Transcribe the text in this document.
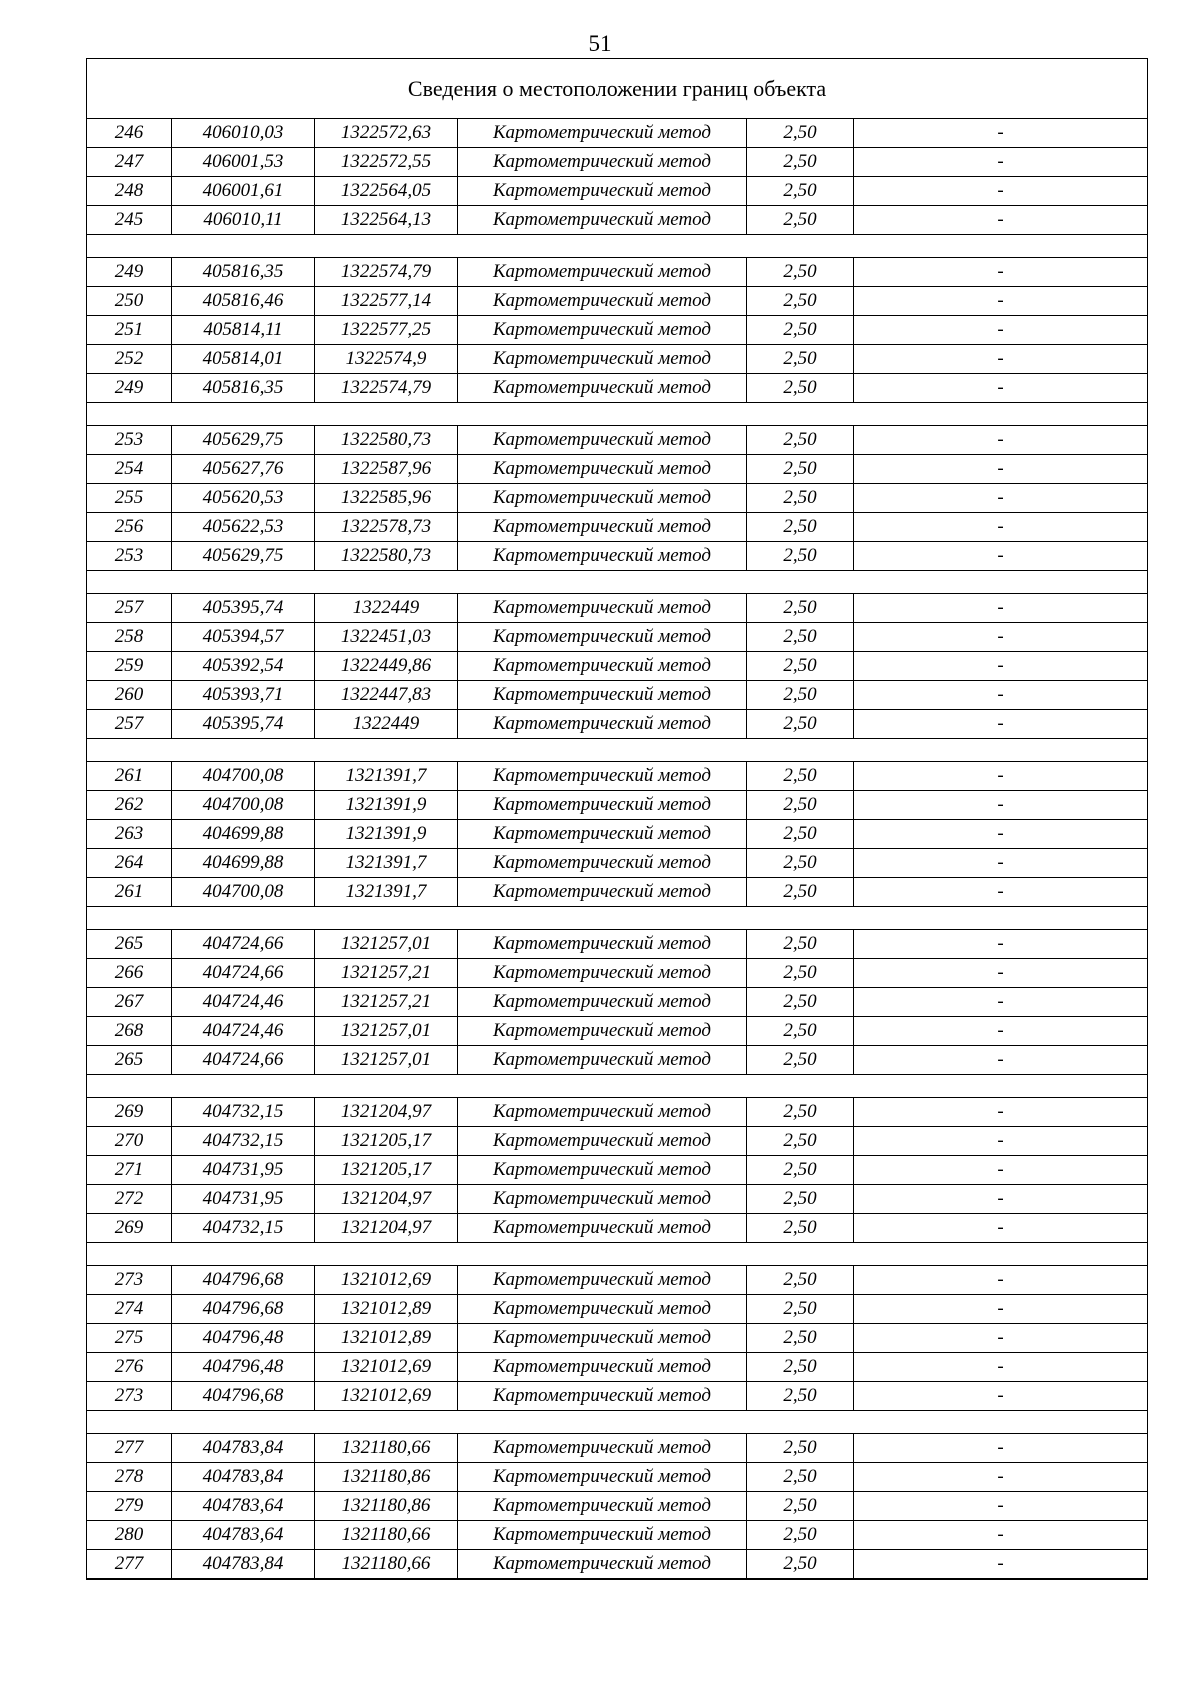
51
Сведения о местоположении границ объекта					
246	406010,03	1322572,63	Картометрический метод	2,50	-
247	406001,53	1322572,55	Картометрический метод	2,50	-
248	406001,61	1322564,05	Картометрический метод	2,50	-
245	406010,11	1322564,13	Картометрический метод	2,50	-

249	405816,35	1322574,79	Картометрический метод	2,50	-
250	405816,46	1322577,14	Картометрический метод	2,50	-
251	405814,11	1322577,25	Картометрический метод	2,50	-
252	405814,01	1322574,9	Картометрический метод	2,50	-
249	405816,35	1322574,79	Картометрический метод	2,50	-

253	405629,75	1322580,73	Картометрический метод	2,50	-
254	405627,76	1322587,96	Картометрический метод	2,50	-
255	405620,53	1322585,96	Картометрический метод	2,50	-
256	405622,53	1322578,73	Картометрический метод	2,50	-
253	405629,75	1322580,73	Картометрический метод	2,50	-

257	405395,74	1322449	Картометрический метод	2,50	-
258	405394,57	1322451,03	Картометрический метод	2,50	-
259	405392,54	1322449,86	Картометрический метод	2,50	-
260	405393,71	1322447,83	Картометрический метод	2,50	-
257	405395,74	1322449	Картометрический метод	2,50	-

261	404700,08	1321391,7	Картометрический метод	2,50	-
262	404700,08	1321391,9	Картометрический метод	2,50	-
263	404699,88	1321391,9	Картометрический метод	2,50	-
264	404699,88	1321391,7	Картометрический метод	2,50	-
261	404700,08	1321391,7	Картометрический метод	2,50	-

265	404724,66	1321257,01	Картометрический метод	2,50	-
266	404724,66	1321257,21	Картометрический метод	2,50	-
267	404724,46	1321257,21	Картометрический метод	2,50	-
268	404724,46	1321257,01	Картометрический метод	2,50	-
265	404724,66	1321257,01	Картометрический метод	2,50	-

269	404732,15	1321204,97	Картометрический метод	2,50	-
270	404732,15	1321205,17	Картометрический метод	2,50	-
271	404731,95	1321205,17	Картометрический метод	2,50	-
272	404731,95	1321204,97	Картометрический метод	2,50	-
269	404732,15	1321204,97	Картометрический метод	2,50	-

273	404796,68	1321012,69	Картометрический метод	2,50	-
274	404796,68	1321012,89	Картометрический метод	2,50	-
275	404796,48	1321012,89	Картометрический метод	2,50	-
276	404796,48	1321012,69	Картометрический метод	2,50	-
273	404796,68	1321012,69	Картометрический метод	2,50	-

277	404783,84	1321180,66	Картометрический метод	2,50	-
278	404783,84	1321180,86	Картометрический метод	2,50	-
279	404783,64	1321180,86	Картометрический метод	2,50	-
280	404783,64	1321180,66	Картометрический метод	2,50	-
277	404783,84	1321180,66	Картометрический метод	2,50	-
